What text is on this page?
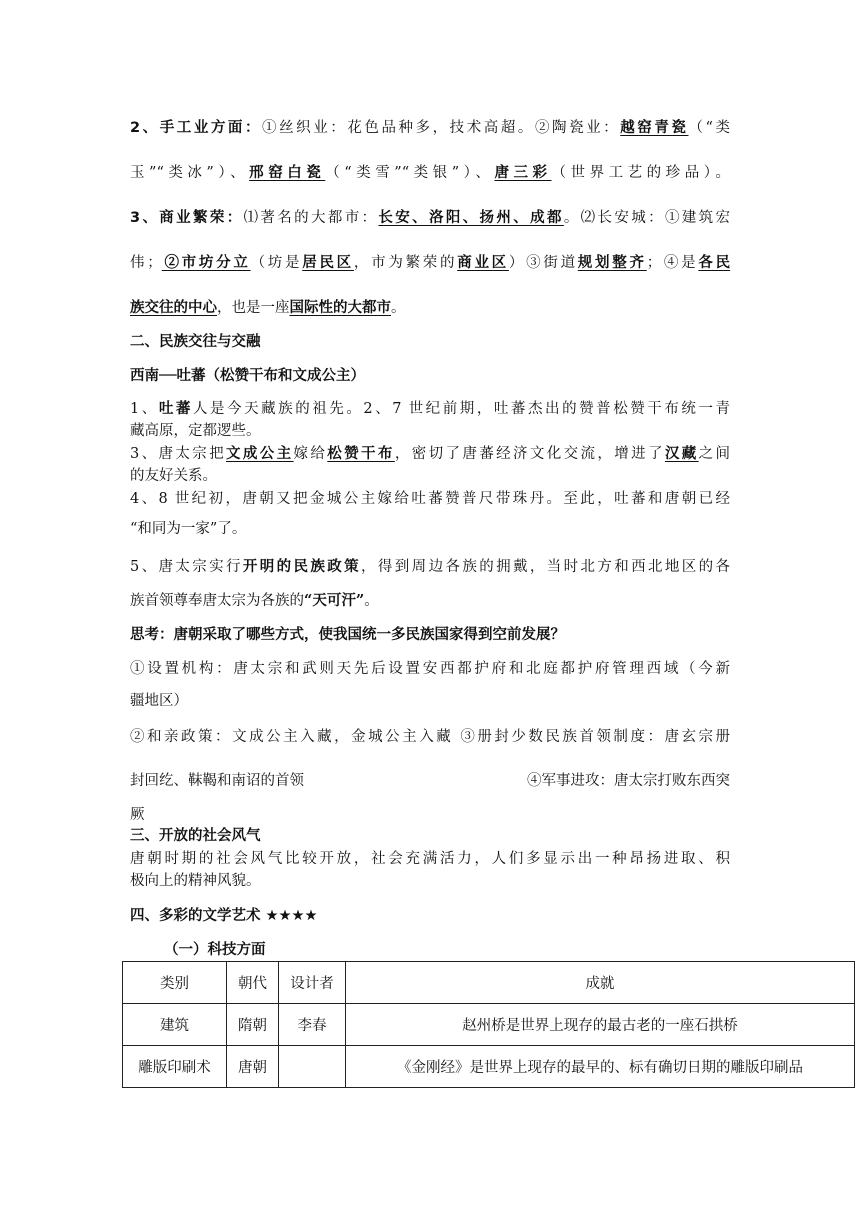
2、手工业方面：①丝织业：花色品种多，技术高超。②陶瓷业：越窑青瓷（“类
玉”“类冰”）、邢窑白瓷（“类雪”“类银”）、唐三彩（世界工艺的珍品）。
3、商业繁荣：⑴著名的大都市：长安、洛阳、扬州、成都。⑵长安城：①建筑宏
伟；②市坊分立（坊是居民区，市为繁荣的商业区）③街道规划整齐；④是各民
族交往的中心，也是一座国际性的大都市。
二、民族交往与交融
西南──吐蕃（松赞干布和文成公主）
1、吐蕃人是今天藏族的祖先。2、7 世纪前期，吐蕃杰出的赞普松赞干布统一青
藏高原，定都逻些。
3、唐太宗把文成公主嫁给松赞干布，密切了唐蕃经济文化交流，增进了汉藏之间
的友好关系。
4、8 世纪初，唐朝又把金城公主嫁给吐蕃赞普尺带珠丹。至此，吐蕃和唐朝已经
“和同为一家”了。
5、唐太宗实行开明的民族政策，得到周边各族的拥戴，当时北方和西北地区的各
族首领尊奉唐太宗为各族的“天可汗”。
思考：唐朝采取了哪些方式，使我国统一多民族国家得到空前发展？
①设置机构：唐太宗和武则天先后设置安西都护府和北庭都护府管理西域（今新
疆地区）
②和亲政策：文成公主入藏，金城公主入藏 ③册封少数民族首领制度：唐玄宗册
封回纥、靺鞨和南诏的首领	④军事进攻：唐太宗打败东西突
厥
三、开放的社会风气
唐朝时期的社会风气比较开放，社会充满活力，人们多显示出一种昂扬进取、积
极向上的精神风貌。
四、多彩的文学艺术 ★★★★
（一）科技方面
类别	朝代	设计者	成就
建筑	隋朝	李春	赵州桥是世界上现存的最古老的一座石拱桥
雕版印刷术	唐朝		《金刚经》是世界上现存的最早的、标有确切日期的雕版印刷品
